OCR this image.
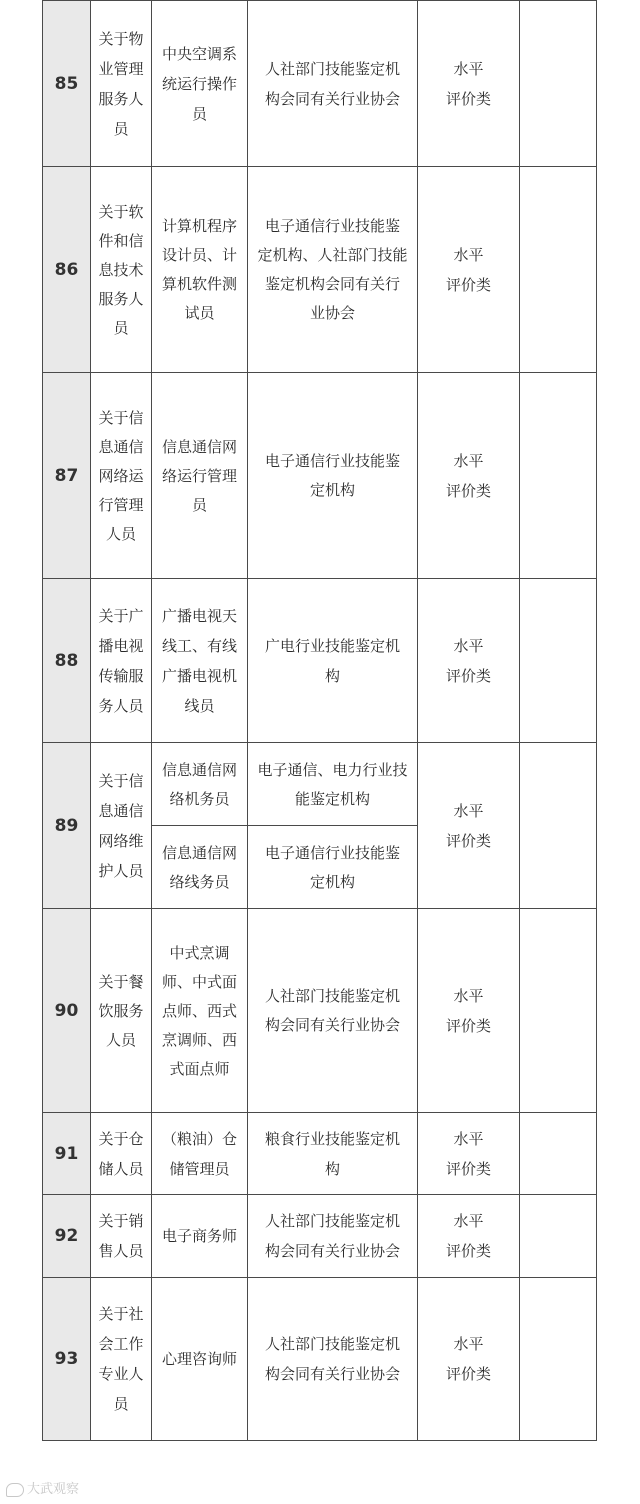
85	关于物
业管理
服务人
员	中央空调系
统运行操作
员	人社部门技能鉴定机
构会同有关行业协会	水平
评价类	

86	关于软
件和信
息技术
服务人
员	计算机程序
设计员、计
算机软件测
试员	电子通信行业技能鉴
定机构、人社部门技能
鉴定机构会同有关行
业协会	水平
评价类	

87	关于信
息通信
网络运
行管理
人员	信息通信网
络运行管理
员	电子通信行业技能鉴
定机构	水平
评价类	

88	关于广
播电视
传输服
务人员	广播电视天
线工、有线
广播电视机
线员	广电行业技能鉴定机
构	水平
评价类	

89	关于信
息通信
网络维
护人员	信息通信网
络机务员	电子通信、电力行业技
能鉴定机构	水平
评价类	

		信息通信网
络线务员	电子通信行业技能鉴
定机构		

90	关于餐
饮服务
人员	中式烹调
师、中式面
点师、西式
烹调师、西
式面点师	人社部门技能鉴定机
构会同有关行业协会	水平
评价类	

91	关于仓
储人员	（粮油）仓
储管理员	粮食行业技能鉴定机
构	水平
评价类	

92	关于销
售人员	电子商务师	人社部门技能鉴定机
构会同有关行业协会	水平
评价类	

93	关于社
会工作
专业人
员	心理咨询师	人社部门技能鉴定机
构会同有关行业协会	水平
评价类	

大武观察
